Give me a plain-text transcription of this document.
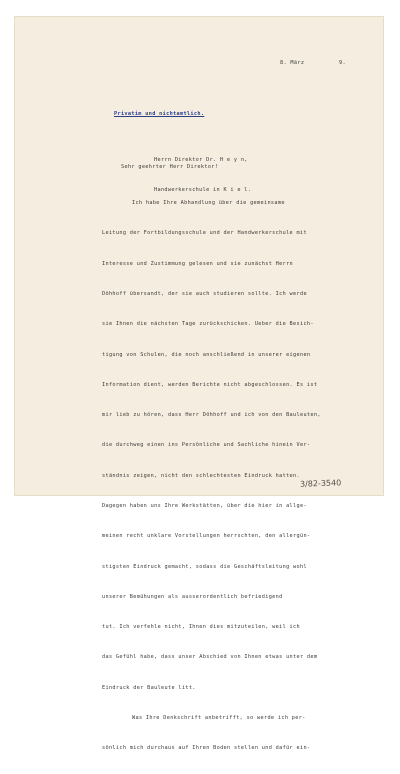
8. März          9.
Privatim und nichtamtlich.

Herrn Direktor Dr. H e y n,

Handwerkerschule in K i e l.

Sehr geehrter Herr Direktor!

Ich habe Ihre Abhandlung über die gemeinsame

Leitung der Fortbildungsschule und der Handwerkerschule mit

Interesse und Zustimmung gelesen und sie zunächst Herrn

Döhhoff übersandt, der sie auch studieren sollte. Ich werde

sie Ihnen die nächsten Tage zurückschicken. Ueber die Besich-

tigung von Schulen, die noch anschließend in unserer eigenen

Information dient, werden Berichte nicht abgeschlossen. Es ist

mir lieb zu hören, dass Herr Döhhoff und ich von den Bauleuten,

die durchweg einen ins Persönliche und Sachliche hinein Ver-

ständnis zeigen, nicht den schlechtesten Eindruck hatten.

Dagegen haben uns Ihre Werkstätten, über die hier in allge-

meinen recht unklare Vorstellungen herrschten, den allergün-

stigsten Eindruck gemacht, sodass die Geschäftsleitung wohl

unserer Bemühungen als ausserordentlich befriedigend

tut. Ich verfehle nicht, Ihnen dies mitzuteilen, weil ich

das Gefühl habe, dass unser Abschied von Ihnen etwas unter dem

Eindruck der Bauleute litt.

Was Ihre Denkschrift anbetrifft, so werde ich per-

sönlich mich durchaus auf Ihren Boden stellen und dafür ein-

3/82-3540
